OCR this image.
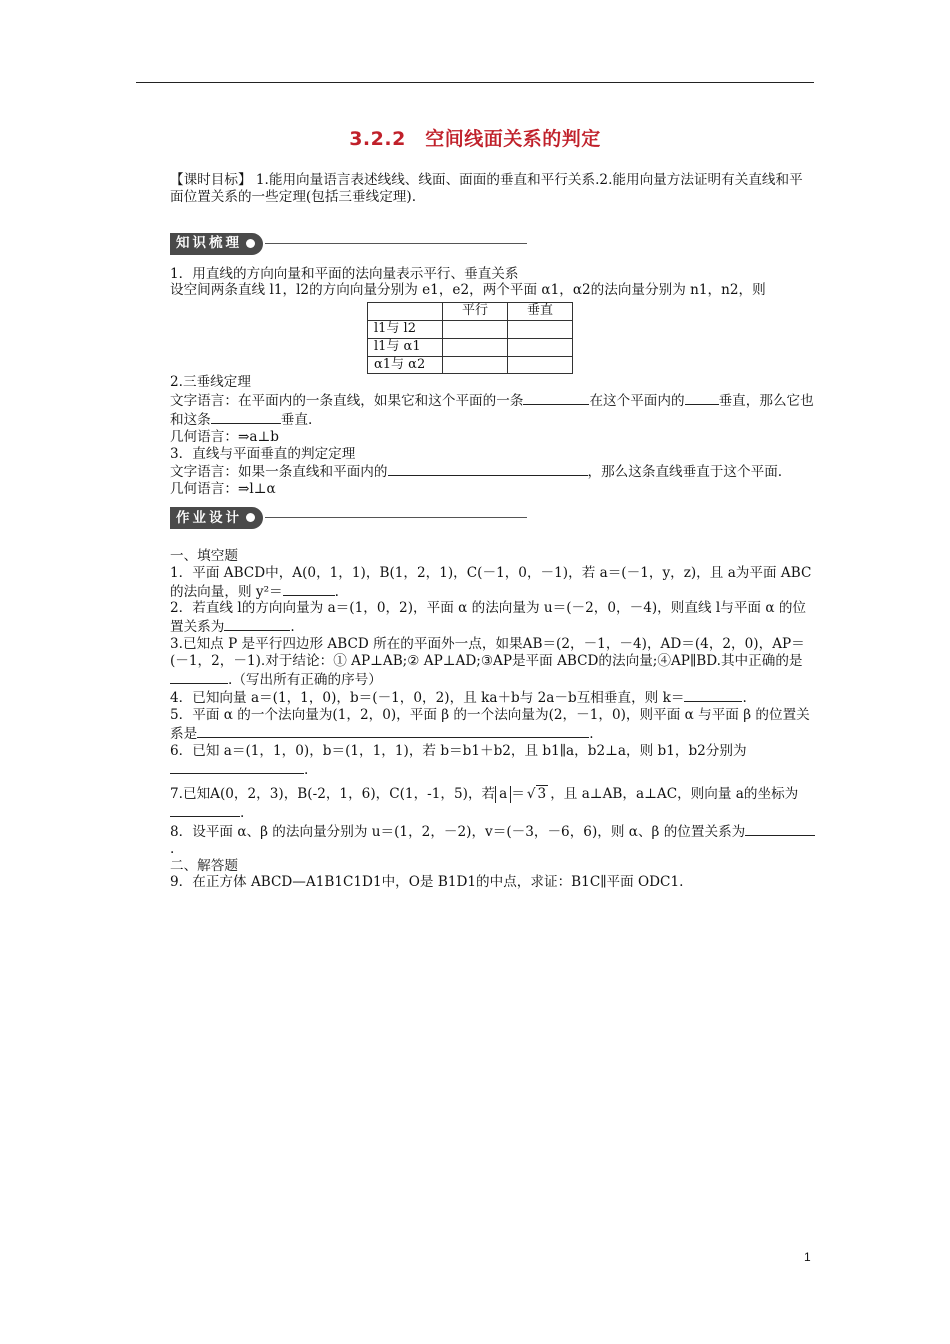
3.2.2　空间线面关系的判定

【课时目标】 1.能用向量语言表述线线、线面、面面的垂直和平行关系.2.能用向量方法证明有关直线和平面位置关系的一些定理(包括三垂线定理).

知识梳理

1．用直线的方向向量和平面的法向量表示平行、垂直关系

设空间两条直线 l1，l2的方向向量分别为 e1，e2，两个平面 α1，α2的法向量分别为 n1，n2，则

	平行	垂直
l1与 l2		
l1与 α1		
α1与 α2		

2.三垂线定理

文字语言：在平面内的一条直线，如果它和这个平面的一条	在这个平面内的	垂直，那么它也和这条	垂直.

几何语言：⇒a⊥b

3．直线与平面垂直的判定定理

文字语言：如果一条直线和平面内的	，那么这条直线垂直于这个平面.

几何语言：⇒l⊥α

作业设计

一、填空题

1．平面 ABCD中，A(0，1，1)，B(1，2，1)，C(－1，0，－1)，若 a＝(－1，y，z)，且 a为平面 ABC的法向量，则 y²＝	.

2．若直线 l的方向向量为 a＝(1，0，2)，平面 α 的法向量为 u＝(－2，0，－4)，则直线 l与平面 α 的位置关系为	.

3.已知点 P 是平行四边形 ABCD 所在的平面外一点，如果AB＝(2，－1，－4)，AD＝(4，2，0)，AP＝(－1，2，－1).对于结论：① AP⊥AB;② AP⊥AD;③AP是平面 ABCD的法向量;④AP∥BD.其中正确的是.（写出所有正确的序号）

4．已知向量 a＝(1，1，0)，b＝(－1，0，2)，且 ka＋b与 2a－b互相垂直，则 k＝	.

5．平面 α 的一个法向量为(1，2，0)，平面 β 的一个法向量为(2，－1，0)，则平面 α 与平面 β 的位置关系是	.

6．已知 a＝(1，1，0)，b＝(1，1，1)，若 b＝b1＋b2，且 b1∥a，b2⊥a，则 b1，b2分别为.

7.已知A(0，2，3)，B(-2，1，6)，C(1，-1，5)，若 a ＝ √ 3 ，且 a⊥AB，a⊥AC，则向量 a的坐标为.

8．设平面 α、β 的法向量分别为 u＝(1，2，－2)，v＝(－3，－6，6)，则 α、β 的位置关系为.

二、解答题

9．在正方体 ABCD—A1B1C1D1中，O是 B1D1的中点，求证：B1C∥平面 ODC1.

1
